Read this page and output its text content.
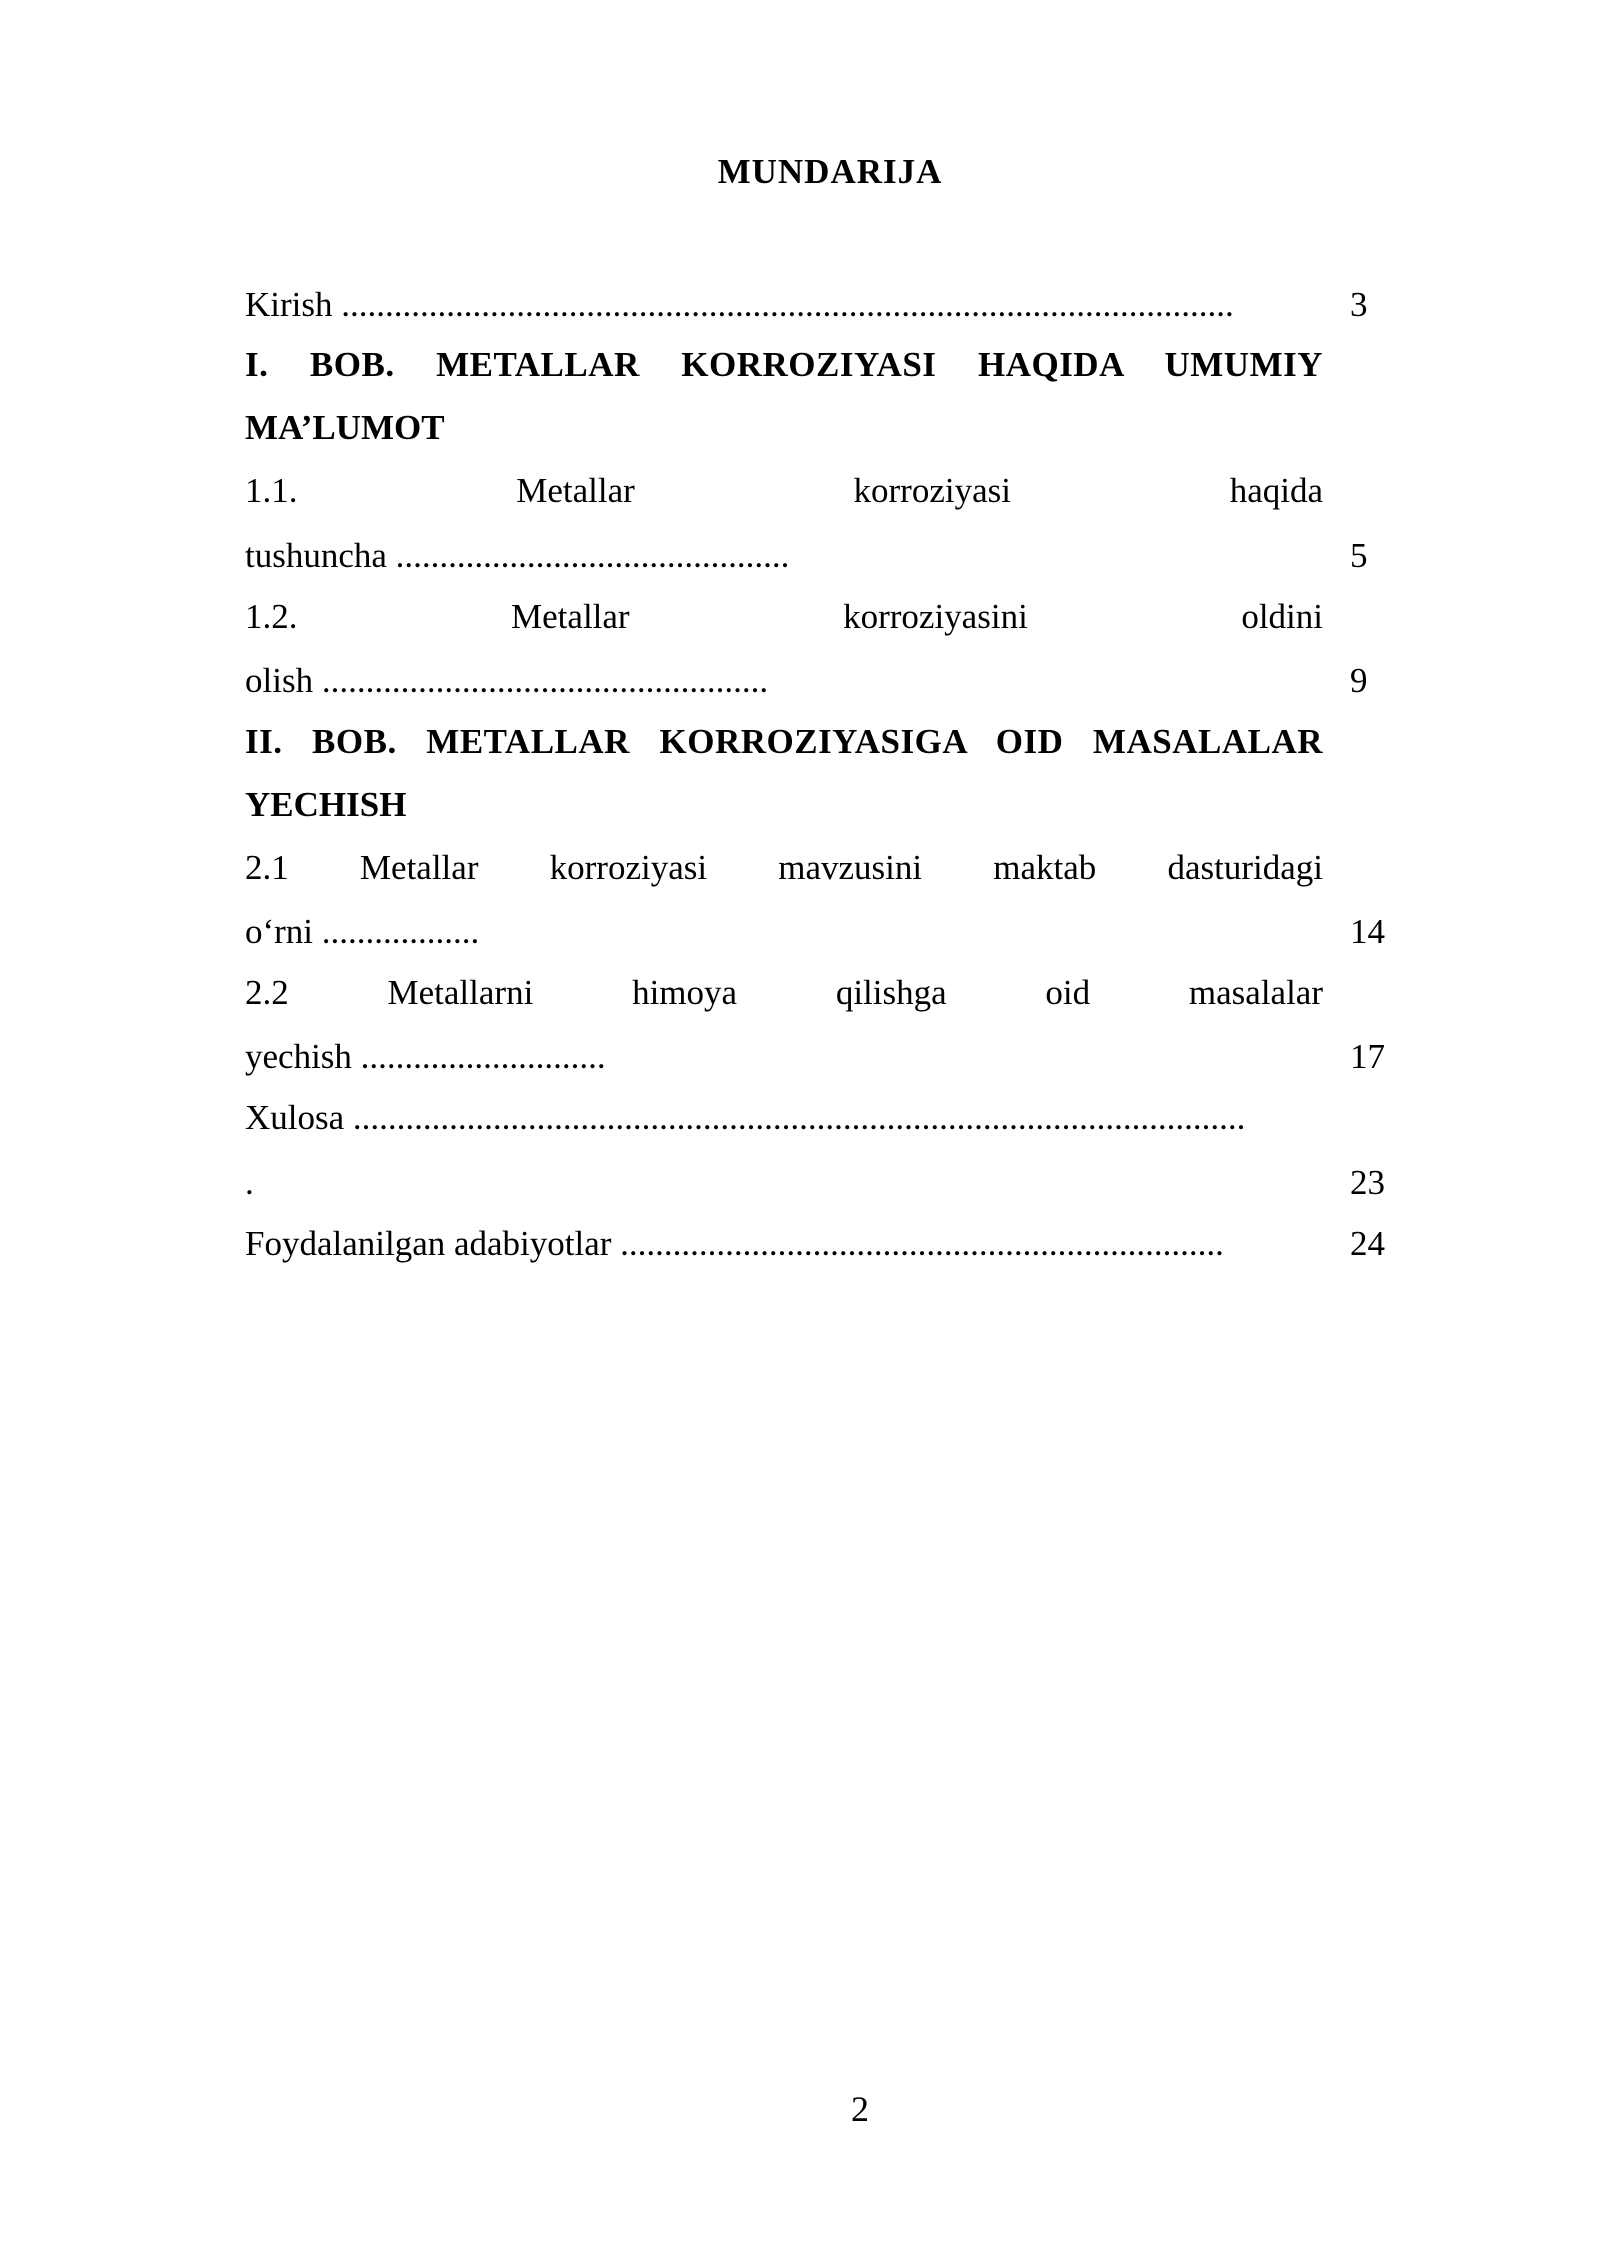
MUNDARIJA
Kirish ......................................................................................................	3
I. BOB. METALLAR KORROZIYASI HAQIDA UMUMIY
MA’LUMOT
1.1. Metallar korroziyasi haqida
tushuncha .............................................	5
1.2. Metallar korroziyasini oldini
olish ...................................................	9
II. BOB. METALLAR KORROZIYASIGA OID MASALALAR
YECHISH
2.1 Metallar korroziyasi mavzusini maktab dasturidagi
o‘rni ..................	14
2.2 Metallarni himoya qilishga oid masalalar
yechish ............................	17
Xulosa ......................................................................................................
.	23
Foydalanilgan adabiyotlar .....................................................................	24
2
